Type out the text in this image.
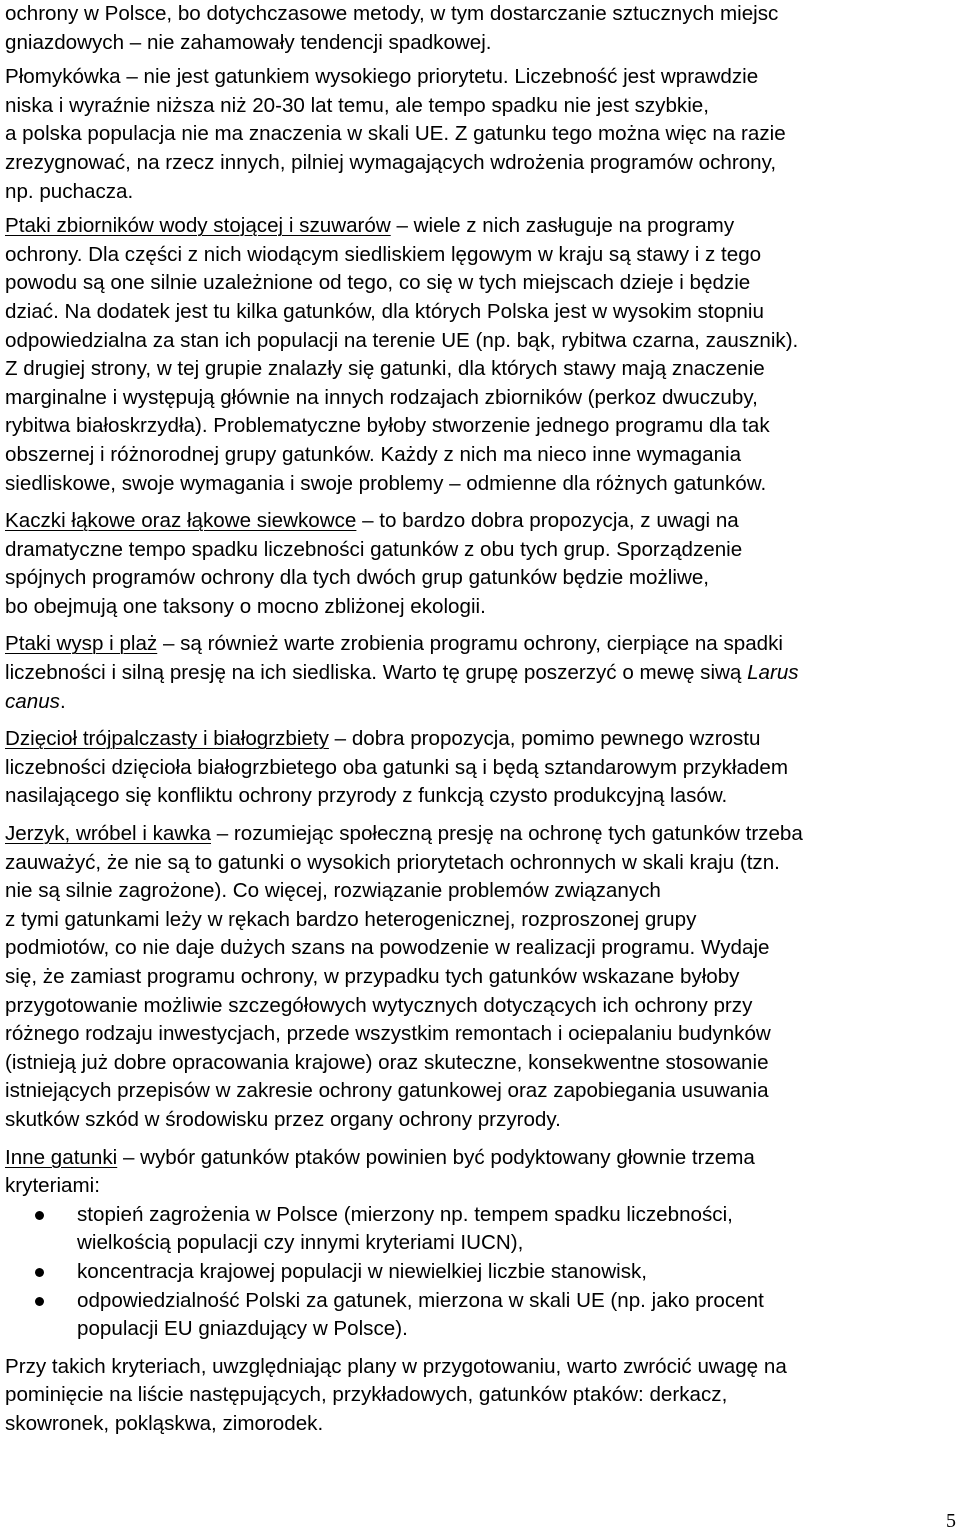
ochrony w Polsce, bo dotychczasowe metody, w tym dostarczanie sztucznych miejsc
gniazdowych – nie zahamowały tendencji spadkowej.
Płomykówka – nie jest gatunkiem wysokiego priorytetu. Liczebność jest wprawdzie
niska i wyraźnie niższa niż 20-30 lat temu, ale tempo spadku nie jest szybkie,
a polska populacja nie ma znaczenia w skali UE. Z gatunku tego można więc na razie
zrezygnować, na rzecz innych, pilniej wymagających wdrożenia programów ochrony,
np. puchacza.
Ptaki zbiorników wody stojącej i szuwarów – wiele z nich zasługuje na programy
ochrony. Dla części z nich wiodącym siedliskiem lęgowym w kraju są stawy i z tego
powodu są one silnie uzależnione od tego, co się w tych miejscach dzieje i będzie
dziać. Na dodatek jest tu kilka gatunków, dla których Polska jest w wysokim stopniu
odpowiedzialna za stan ich populacji na terenie UE (np. bąk, rybitwa czarna, zausznik).
Z drugiej strony, w tej grupie znalazły się gatunki, dla których stawy mają znaczenie
marginalne i występują głównie na innych rodzajach zbiorników (perkoz dwuczuby,
rybitwa białoskrzydła). Problematyczne byłoby stworzenie jednego programu dla tak
obszernej i różnorodnej grupy gatunków. Każdy z nich ma nieco inne wymagania
siedliskowe, swoje wymagania i swoje problemy – odmienne dla różnych gatunków.
Kaczki łąkowe oraz łąkowe siewkowce – to bardzo dobra propozycja, z uwagi na
dramatyczne tempo spadku liczebności gatunków z obu tych grup. Sporządzenie
spójnych programów ochrony dla tych dwóch grup gatunków będzie możliwe,
bo obejmują one taksony o mocno zbliżonej ekologii.
Ptaki wysp i plaż – są również warte zrobienia programu ochrony, cierpiące na spadki
liczebności i silną presję na ich siedliska. Warto tę grupę poszerzyć o mewę siwą Larus
canus.
Dzięcioł trójpalczasty i białogrzbiety – dobra propozycja, pomimo pewnego wzrostu
liczebności dzięcioła białogrzbietego oba gatunki są i będą sztandarowym przykładem
nasilającego się konfliktu ochrony przyrody z funkcją czysto produkcyjną lasów.
Jerzyk, wróbel i kawka – rozumiejąc społeczną presję na ochronę tych gatunków trzeba
zauważyć, że nie są to gatunki o wysokich priorytetach ochronnych w skali kraju (tzn.
nie są silnie zagrożone). Co więcej, rozwiązanie problemów związanych
z tymi gatunkami leży w rękach bardzo heterogenicznej, rozproszonej grupy
podmiotów, co nie daje dużych szans na powodzenie w realizacji programu. Wydaje
się, że zamiast programu ochrony, w przypadku tych gatunków wskazane byłoby
przygotowanie możliwie szczegółowych wytycznych dotyczących ich ochrony przy
różnego rodzaju inwestycjach, przede wszystkim remontach i ociepalaniu budynków
(istnieją już dobre opracowania krajowe) oraz skuteczne, konsekwentne stosowanie
istniejących przepisów w zakresie ochrony gatunkowej oraz zapobiegania usuwania
skutków szkód w środowisku przez organy ochrony przyrody.
Inne gatunki – wybór gatunków ptaków powinien być podyktowany głownie trzema
kryteriami:
stopień zagrożenia w Polsce (mierzony np. tempem spadku liczebności,
wielkością populacji czy innymi kryteriami IUCN),
koncentracja krajowej populacji w niewielkiej liczbie stanowisk,
odpowiedzialność Polski za gatunek, mierzona w skali UE (np. jako procent
populacji EU gniazdujący w Polsce).
Przy takich kryteriach, uwzględniając plany w przygotowaniu, warto zwrócić uwagę na
pominięcie na liście następujących, przykładowych, gatunków ptaków: derkacz,
skowronek, pokląskwa, zimorodek.
5
